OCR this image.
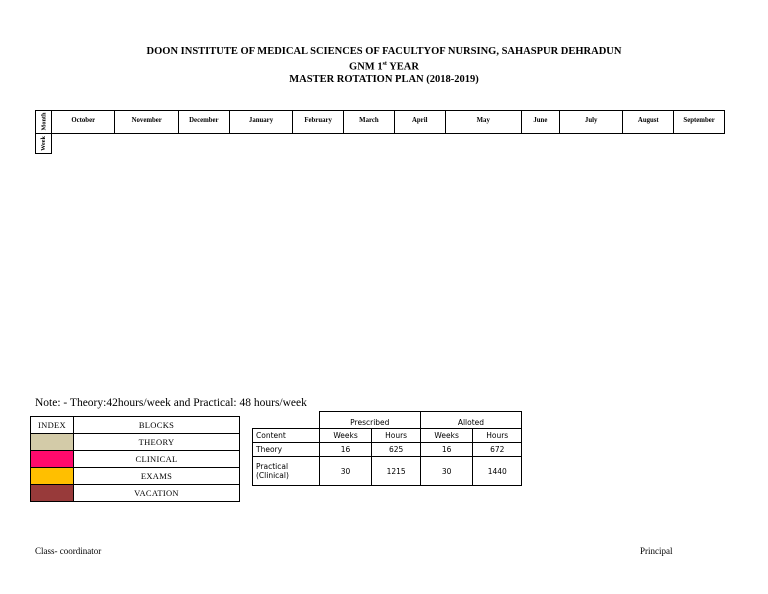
DOON INSTITUTE OF MEDICAL SCIENCES OF FACULTYOF NURSING, SAHASPUR DEHRADUN
GNM 1st YEAR
MASTER ROTATION PLAN (2018-2019)
Month	October	November	December	January	February	March	April	May	June	July	August	September
Week
Note: - Theory:42hours/week and Practical: 48 hours/week
INDEX	BLOCKS
	THEORY
	CLINICAL
	EXAMS
	VACATION
	Prescribed		Alloted	

Content	Weeks	Hours	Weeks	Hours
Theory	16	625	16	672
Practical
(Clinical)	30	1215	30	1440
Class- coordinator	Principal
